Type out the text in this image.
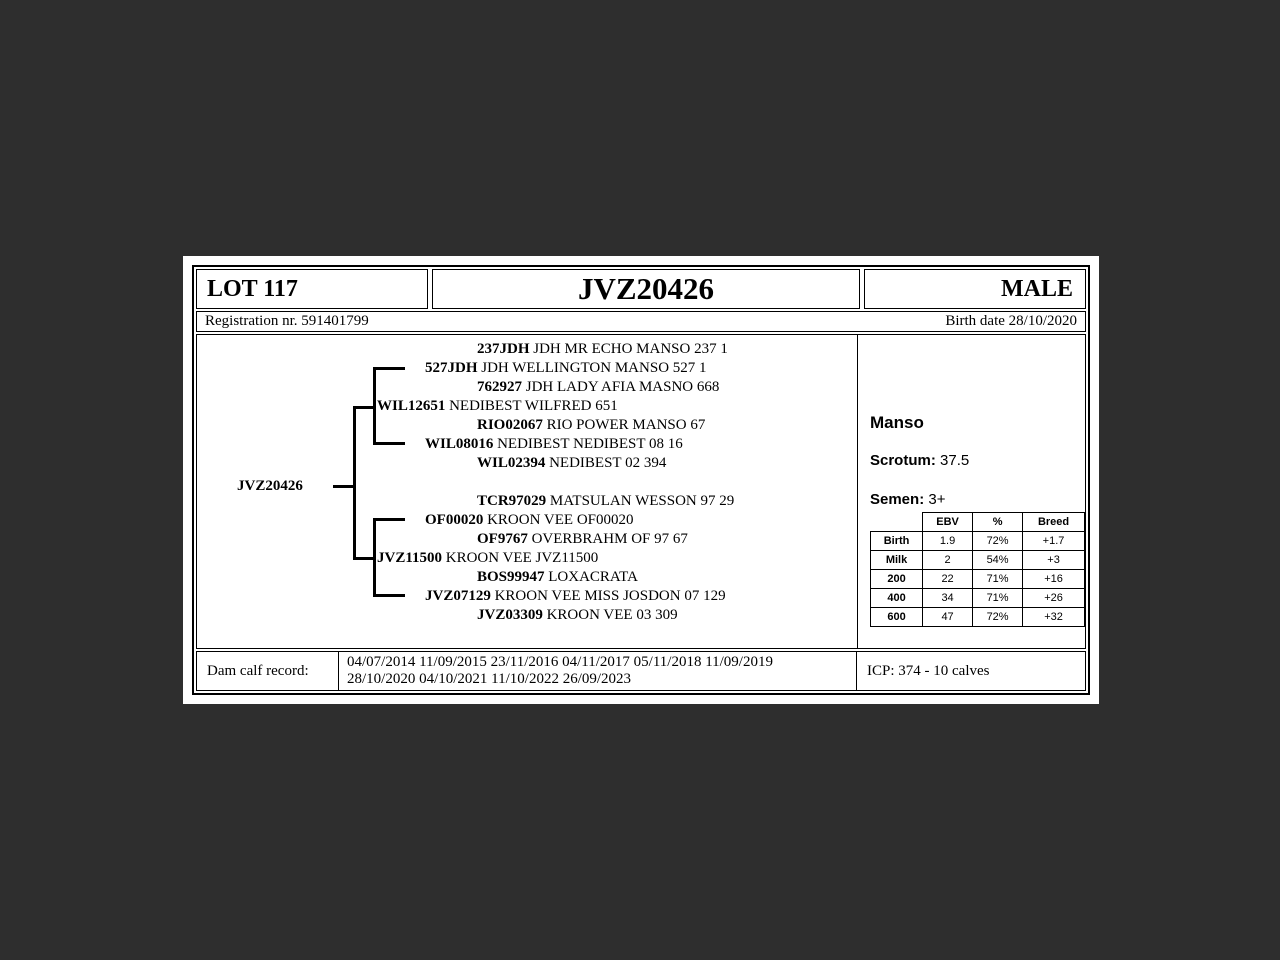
LOT 117	JVZ20426	MALE
Registration nr. 591401799	Birth date 28/10/2020
JVZ20426
237JDH JDH MR ECHO MANSO 237 1
527JDH JDH WELLINGTON MANSO 527 1
762927 JDH LADY AFIA MASNO 668
WIL12651 NEDIBEST WILFRED 651
RIO02067 RIO POWER MANSO 67
WIL08016 NEDIBEST NEDIBEST 08 16
WIL02394 NEDIBEST 02 394
TCR97029 MATSULAN WESSON 97 29
OF00020 KROON VEE OF00020
OF9767 OVERBRAHM OF 97 67
JVZ11500 KROON VEE JVZ11500
BOS99947 LOXACRATA
JVZ07129 KROON VEE MISS JOSDON 07 129
JVZ03309 KROON VEE 03 309
Manso
Scrotum: 37.5
Semen: 3+
	EBV	%	Breed
Birth	1.9	72%	+1.7
Milk	2	54%	+3
200	22	71%	+16
400	34	71%	+26
600	47	72%	+32
Dam calf record:
04/07/2014 11/09/2015 23/11/2016 04/11/2017 05/11/2018 11/09/2019
28/10/2020 04/10/2021 11/10/2022 26/09/2023
ICP: 374 - 10 calves
